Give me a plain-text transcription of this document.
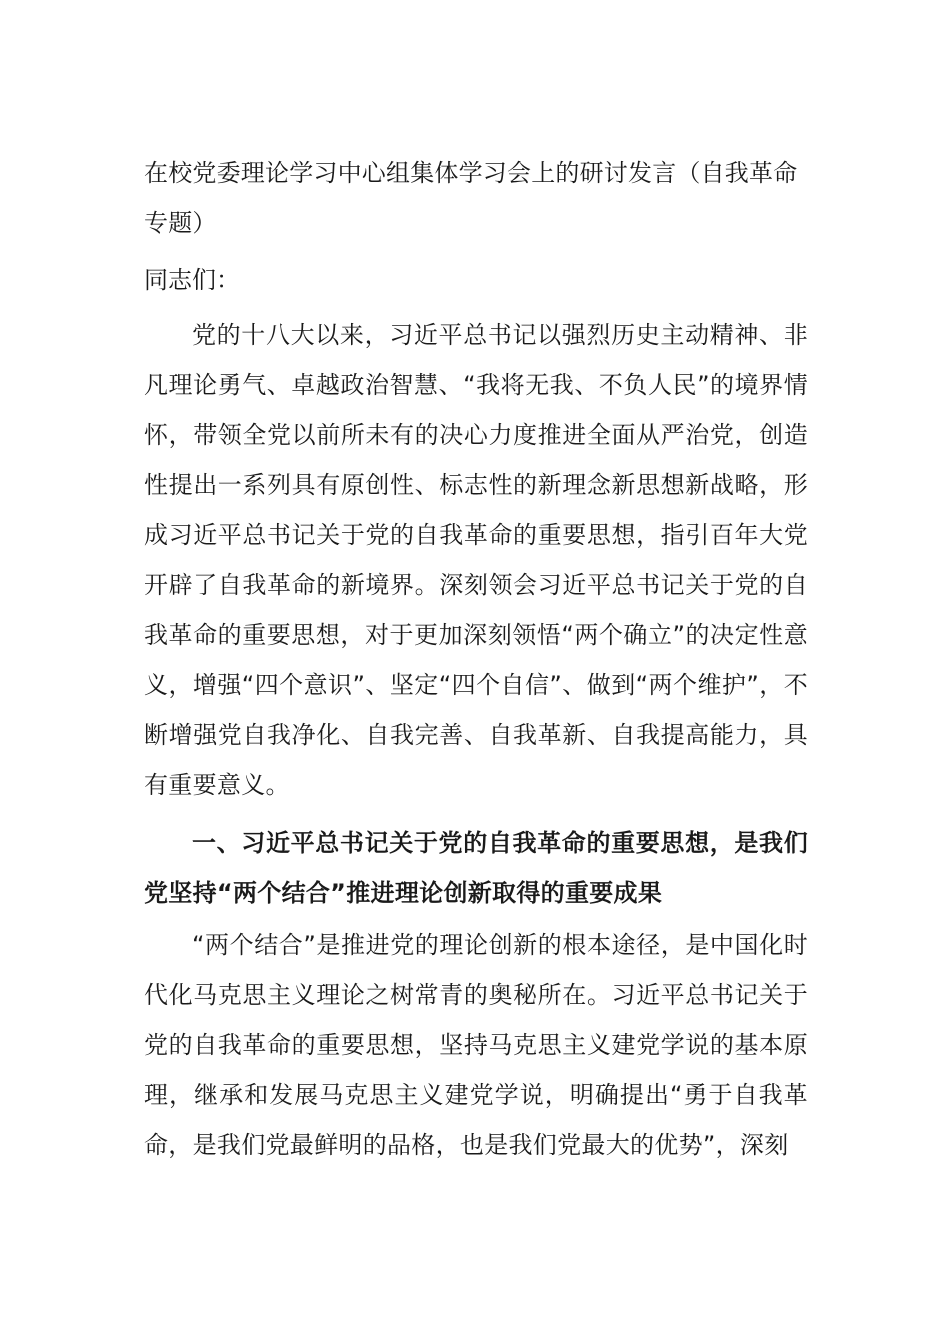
在校党委理论学习中心组集体学习会上的研讨发言（自我革命专题）

同志们：

党的十八大以来，习近平总书记以强烈历史主动精神、非凡理论勇气、卓越政治智慧、“我将无我、不负人民”的境界情怀，带领全党以前所未有的决心力度推进全面从严治党，创造性提出一系列具有原创性、标志性的新理念新思想新战略，形成习近平总书记关于党的自我革命的重要思想，指引百年大党开辟了自我革命的新境界。深刻领会习近平总书记关于党的自我革命的重要思想，对于更加深刻领悟“两个确立”的决定性意义，增强“四个意识”、坚定“四个自信”、做到“两个维护”，不断增强党自我净化、自我完善、自我革新、自我提高能力，具有重要意义。

一、习近平总书记关于党的自我革命的重要思想，是我们党坚持“两个结合”推进理论创新取得的重要成果

“两个结合”是推进党的理论创新的根本途径，是中国化时代化马克思主义理论之树常青的奥秘所在。习近平总书记关于党的自我革命的重要思想，坚持马克思主义建党学说的基本原理，继承和发展马克思主义建党学说，明确提出“勇于自我革命，是我们党最鲜明的品格，也是我们党最大的优势”，深刻
